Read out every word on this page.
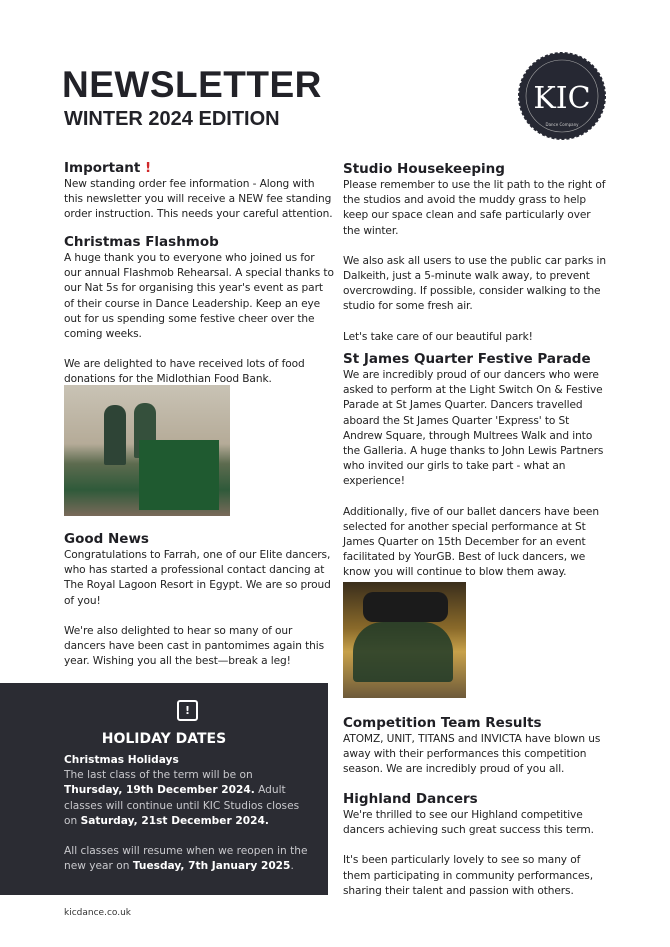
NEWSLETTER
WINTER 2024 EDITION
KIC
Dance Company
Important !

New standing order fee information - Along with this newsletter you will receive a NEW fee standing order instruction. This needs your careful attention.

Christmas Flashmob

A huge thank you to everyone who joined us for our annual Flashmob Rehearsal. A special thanks to our Nat 5s for organising this year's event as part of their course in Dance Leadership. Keep an eye out for us spending some festive cheer over the coming weeks.

We are delighted to have received lots of food donations for the Midlothian Food Bank.

Good News

Congratulations to Farrah, one of our Elite dancers, who has started a professional contact dancing at The Royal Lagoon Resort in Egypt. We are so proud of you!

We're also delighted to hear so many of our dancers have been cast in pantomimes again this year. Wishing you all the best—break a leg!

!
HOLIDAY DATES
Christmas Holidays
The last class of the term will be on Thursday, 19th December 2024. Adult classes will continue until KIC Studios closes on Saturday, 21st December 2024.
All classes will resume when we reopen in the new year on Tuesday, 7th January 2025.
Studio Housekeeping

Please remember to use the lit path to the right of the studios and avoid the muddy grass to help keep our space clean and safe particularly over the winter.

We also ask all users to use the public car parks in Dalkeith, just a 5-minute walk away, to prevent overcrowding. If possible, consider walking to the studio for some fresh air.

Let's take care of our beautiful park!

St James Quarter Festive Parade

We are incredibly proud of our dancers who were asked to perform at the Light Switch On & Festive Parade at St James Quarter. Dancers travelled aboard the St James Quarter 'Express' to St Andrew Square, through Multrees Walk and into the Galleria. A huge thanks to John Lewis Partners who invited our girls to take part - what an experience!

Additionally, five of our ballet dancers have been selected for another special performance at St James Quarter on 15th December for an event facilitated by YourGB. Best of luck dancers, we know you will continue to blow them away.

Competition Team Results

ATOMZ, UNIT, TITANS and INVICTA have blown us away with their performances this competition season. We are incredibly proud of you all.

Highland Dancers

We're thrilled to see our Highland competitive dancers achieving such great success this term.

It's been particularly lovely to see so many of them participating in community performances, sharing their talent and passion with others.

kicdance.co.uk
